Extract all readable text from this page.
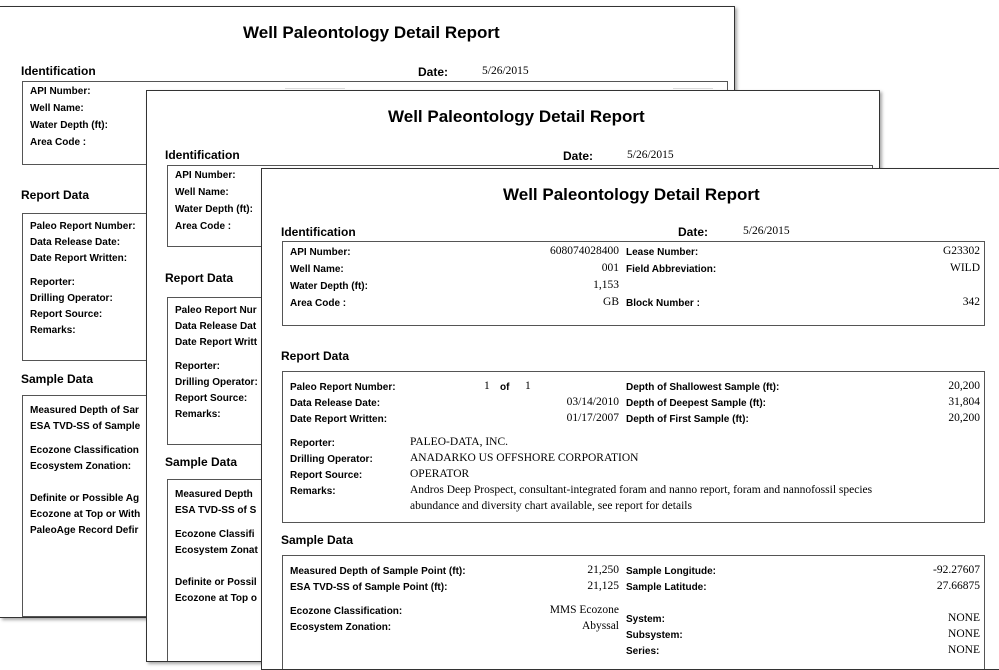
Well Paleontology Detail Report
Identification	Date:	5/26/2015
API Number:
Well Name:
Water Depth (ft):
Area Code :
Report Data
Paleo Report Number:
Data Release Date:
Date Report Written:
Reporter:
Drilling Operator:
Report Source:
Remarks:
Sample Data
Measured Depth of Sar
ESA TVD-SS of Sample
Ecozone Classification
Ecosystem Zonation:
Definite or Possible Ag
Ecozone at Top or With
PaleoAge Record Defir
Well Paleontology Detail Report
Identification	Date:	5/26/2015
API Number:
Well Name:
Water Depth (ft):
Area Code :
Report Data
Paleo Report Nur
Data Release Dat
Date Report Writt
Reporter:
Drilling Operator:
Report Source:
Remarks:
Sample Data
Measured Depth
ESA TVD-SS of S
Ecozone Classifi
Ecosystem Zonat
Definite or Possil
Ecozone at Top o
Well Paleontology Detail Report
Identification	Date:	5/26/2015
API Number:	608074028400 Lease Number:	G23302
Well Name:	001 Field Abbreviation:	WILD
Water Depth (ft):	1,153
Area Code :	GB Block Number :	342
Report Data
Paleo Report Number:	1 of 1	Depth of Shallowest Sample (ft):	20,200
Data Release Date:	03/14/2010 Depth of Deepest Sample (ft):	31,804
Date Report Written:	01/17/2007 Depth of First Sample (ft):	20,200
Reporter:	PALEO-DATA, INC.
Drilling Operator:	ANADARKO US OFFSHORE CORPORATION
Report Source:	OPERATOR
Remarks:	Andros Deep Prospect, consultant-integrated foram and nanno report, foram and nannofossil species
abundance and diversity chart available, see report for details
Sample Data
Measured Depth of Sample Point (ft):	21,250 Sample Longitude:	-92.27607
ESA TVD-SS of Sample Point (ft):	21,125 Sample Latitude:	27.66875
Ecozone Classification:	MMS Ecozone
Ecosystem Zonation:	Abyssal
System:	NONE
Subsystem:	NONE
Series:	NONE
